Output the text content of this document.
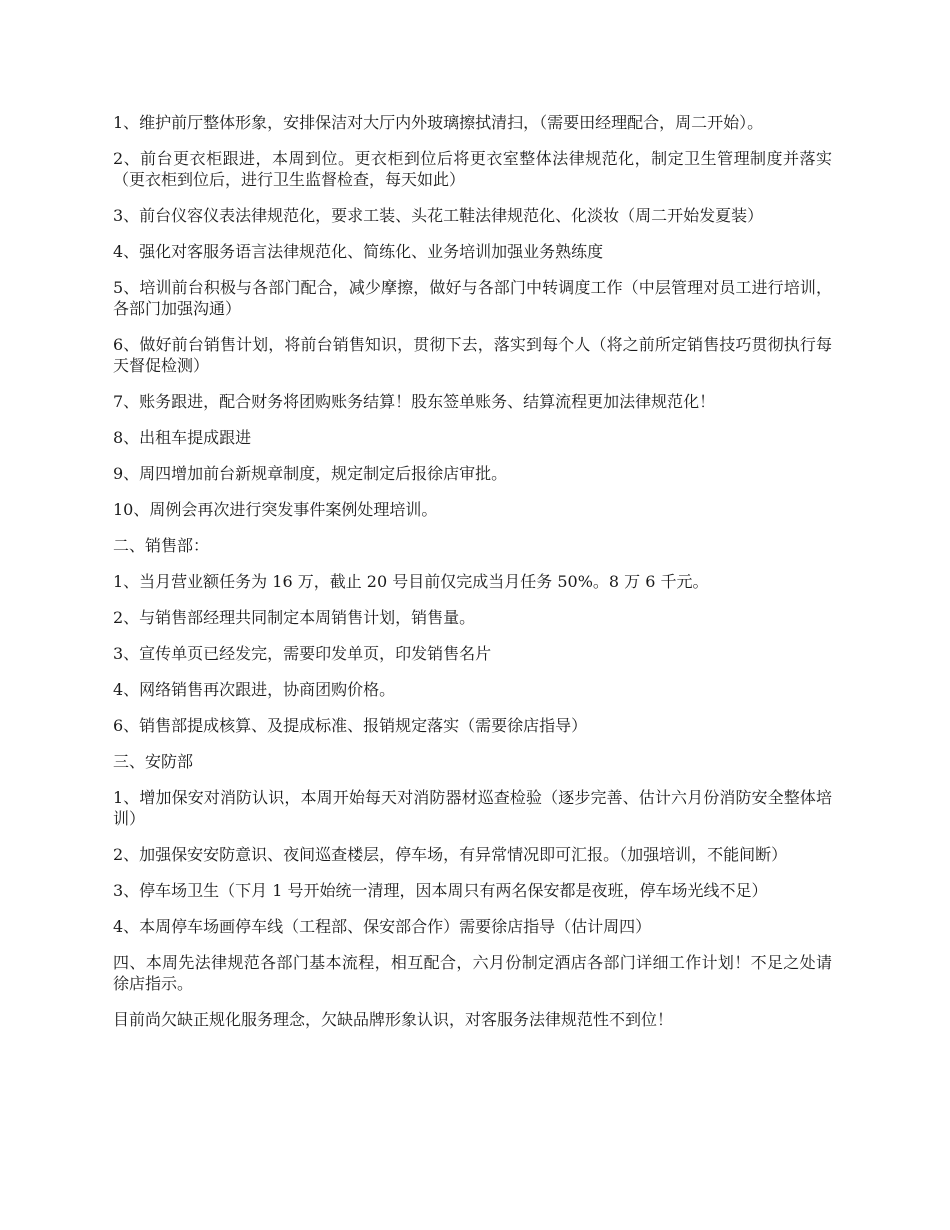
1、维护前厅整体形象，安排保洁对大厅内外玻璃擦拭清扫，（需要田经理配合，周二开始）。

2、前台更衣柜跟进，本周到位。更衣柜到位后将更衣室整体法律规范化，制定卫生管理制度并落实（更衣柜到位后，进行卫生监督检查，每天如此）

3、前台仪容仪表法律规范化，要求工装、头花工鞋法律规范化、化淡妆（周二开始发夏装）

4、强化对客服务语言法律规范化、简练化、业务培训加强业务熟练度

5、培训前台积极与各部门配合，减少摩擦，做好与各部门中转调度工作（中层管理对员工进行培训，各部门加强沟通）

6、做好前台销售计划，将前台销售知识，贯彻下去，落实到每个人（将之前所定销售技巧贯彻执行每天督促检测）

7、账务跟进，配合财务将团购账务结算！股东签单账务、结算流程更加法律规范化！

8、出租车提成跟进

9、周四增加前台新规章制度，规定制定后报徐店审批。

10、周例会再次进行突发事件案例处理培训。

二、销售部：

1、当月营业额任务为 16 万，截止 20 号目前仅完成当月任务 50%。8 万 6 千元。

2、与销售部经理共同制定本周销售计划，销售量。

3、宣传单页已经发完，需要印发单页，印发销售名片

4、网络销售再次跟进，协商团购价格。

6、销售部提成核算、及提成标准、报销规定落实（需要徐店指导）

三、安防部

1、增加保安对消防认识，本周开始每天对消防器材巡查检验（逐步完善、估计六月份消防安全整体培训）

2、加强保安安防意识、夜间巡查楼层，停车场，有异常情况即可汇报。（加强培训，不能间断）

3、停车场卫生（下月 1 号开始统一清理，因本周只有两名保安都是夜班，停车场光线不足）

4、本周停车场画停车线（工程部、保安部合作）需要徐店指导（估计周四）

四、本周先法律规范各部门基本流程，相互配合，六月份制定酒店各部门详细工作计划！不足之处请徐店指示。

目前尚欠缺正规化服务理念，欠缺品牌形象认识，对客服务法律规范性不到位！
